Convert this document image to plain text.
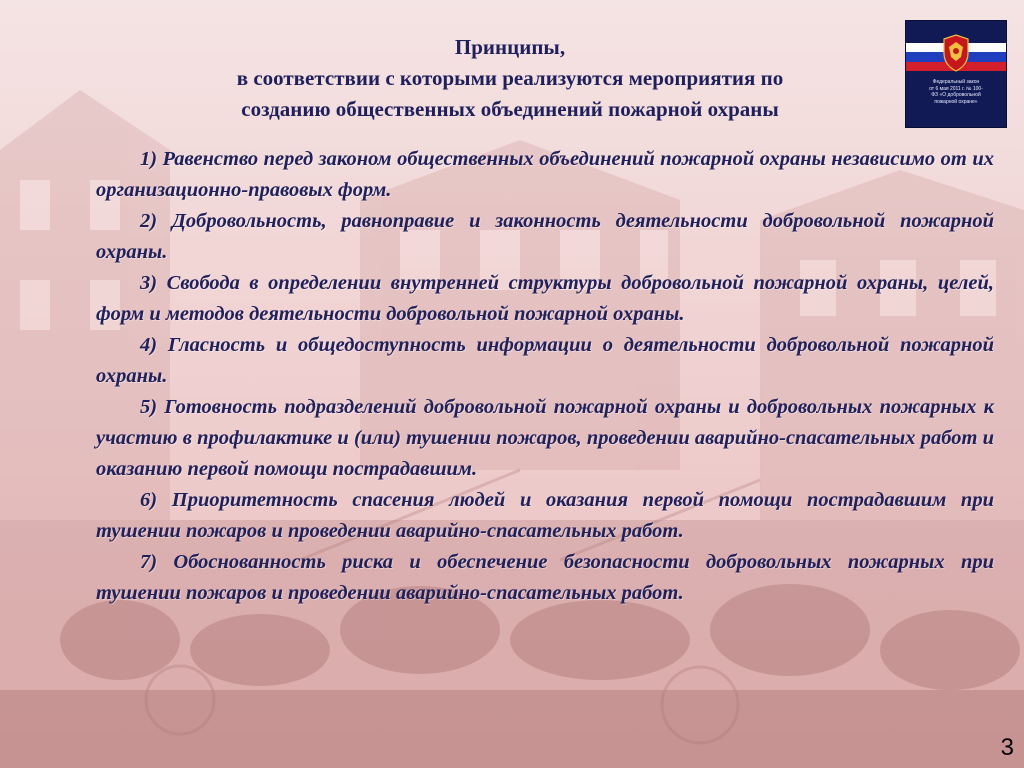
Принципы,
в соответствии с которыми реализуются мероприятия по
созданию общественных объединений пожарной охраны
Федеральный закон
от 6 мая 2011 г. № 100-
ФЗ «О добровольной
пожарной охране»
1) Равенство перед законом общественных объединений пожарной охраны независимо от их организационно-правовых форм.
2) Добровольность, равноправие и законность деятельности добровольной пожарной охраны.
3) Свобода в определении внутренней структуры добровольной пожарной охраны, целей, форм и методов деятельности добровольной пожарной охраны.
4) Гласность и общедоступность информации о деятельности добровольной пожарной охраны.
5) Готовность подразделений добровольной пожарной охраны и добровольных пожарных к участию в профилактике и (или) тушении пожаров, проведении аварийно-спасательных работ и оказанию первой помощи пострадавшим.
6) Приоритетность спасения людей и оказания первой помощи пострадавшим при тушении пожаров и проведении аварийно-спасательных работ.
7) Обоснованность риска и обеспечение безопасности добровольных пожарных при тушении пожаров и проведении аварийно-спасательных работ.
3
